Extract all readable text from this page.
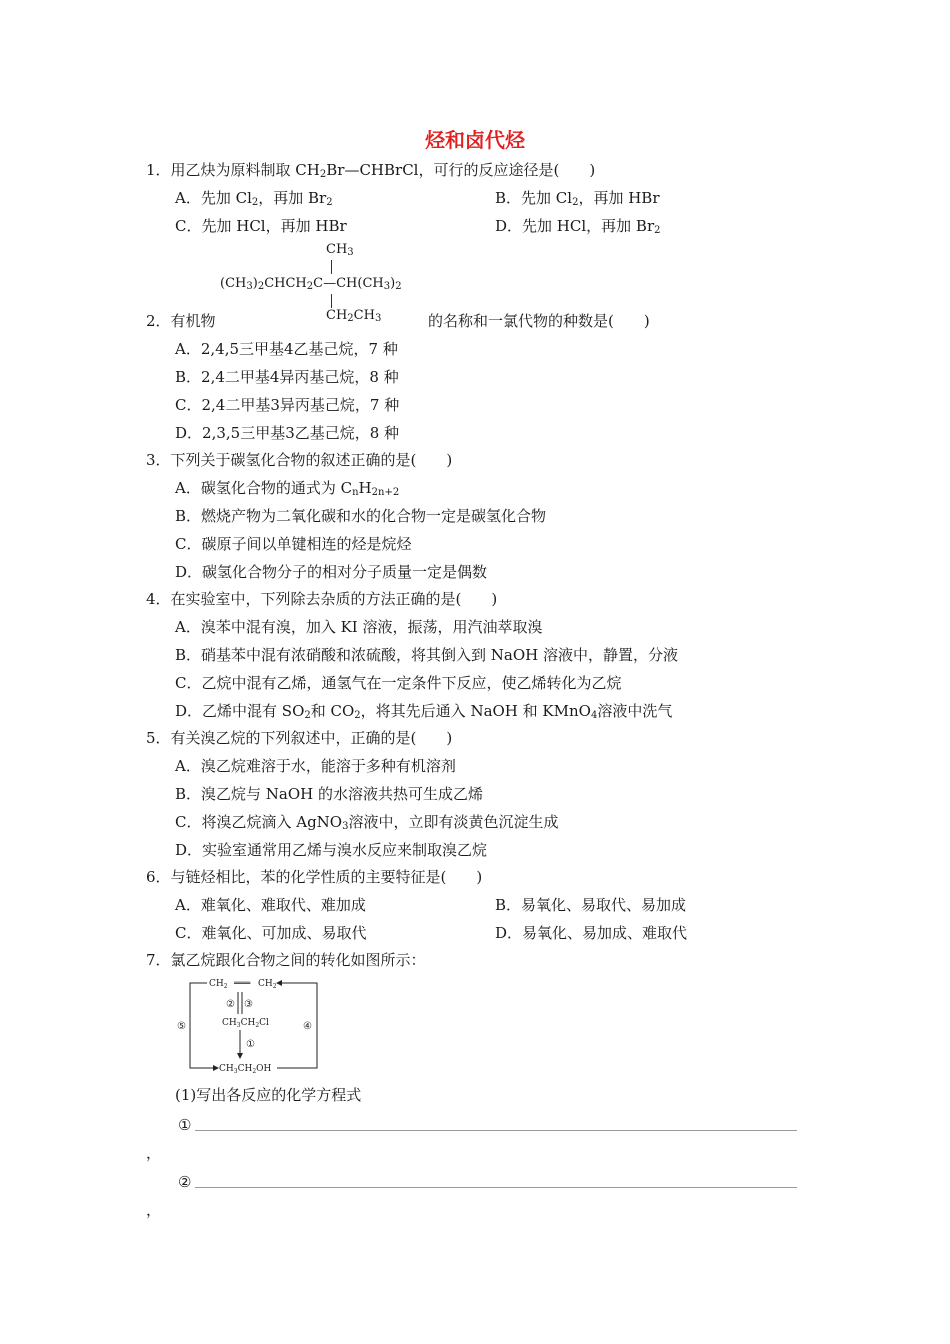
烃和卤代烃
1．用乙炔为原料制取 $CH_2Br—CHBrCl$，可行的反应途径是( )
A．先加 $Cl_2$，再加 $Br_2$	B．先加 $Cl_2$，再加 HBr
C．先加 HCl，再加 HBr	D．先加 HCl，再加 $Br_2$
$CH_3$
$(CH_3)_2CHCH_2C—CH(CH_3)_2$
$CH_2CH_3$
2．有机物	的名称和一氯代物的种数是( )
A．2,4,5三甲基4乙基己烷，7 种
B．2,4二甲基4异丙基己烷，8 种
C．2,4二甲基3异丙基己烷，7 种
D．2,3,5三甲基3乙基己烷，8 种
3．下列关于碳氢化合物的叙述正确的是( )
A．碳氢化合物的通式为 $C_nH_{2n+2}$
B．燃烧产物为二氧化碳和水的化合物一定是碳氢化合物
C．碳原子间以单键相连的烃是烷烃
D．碳氢化合物分子的相对分子质量一定是偶数
4．在实验室中，下列除去杂质的方法正确的是( )
A．溴苯中混有溴，加入 KI 溶液，振荡，用汽油萃取溴
B．硝基苯中混有浓硝酸和浓硫酸，将其倒入到 NaOH 溶液中，静置，分液
C．乙烷中混有乙烯，通氢气在一定条件下反应，使乙烯转化为乙烷
D．乙烯中混有 $SO_2$和 $CO_2$，将其先后通入 NaOH 和 KMnO$_4$溶液中洗气
5．有关溴乙烷的下列叙述中，正确的是( )
A．溴乙烷难溶于水，能溶于多种有机溶剂
B．溴乙烷与 NaOH 的水溶液共热可生成乙烯
C．将溴乙烷滴入 AgNO$_3$溶液中，立即有淡黄色沉淀生成
D．实验室通常用乙烯与溴水反应来制取溴乙烷
6．与链烃相比，苯的化学性质的主要特征是( )
A．难氧化、难取代、难加成	B．易氧化、易取代、易加成
C．难氧化、可加成、易取代	D．易氧化、易加成、难取代
7．氯乙烷跟化合物之间的转化如图所示：
$CH_2$ ═══ $CH_2$
② ③
$CH_3CH_2Cl$
①
$CH_3CH_2OH$
⑤	④
(1)写出各反应的化学方程式
①
，
②
，
